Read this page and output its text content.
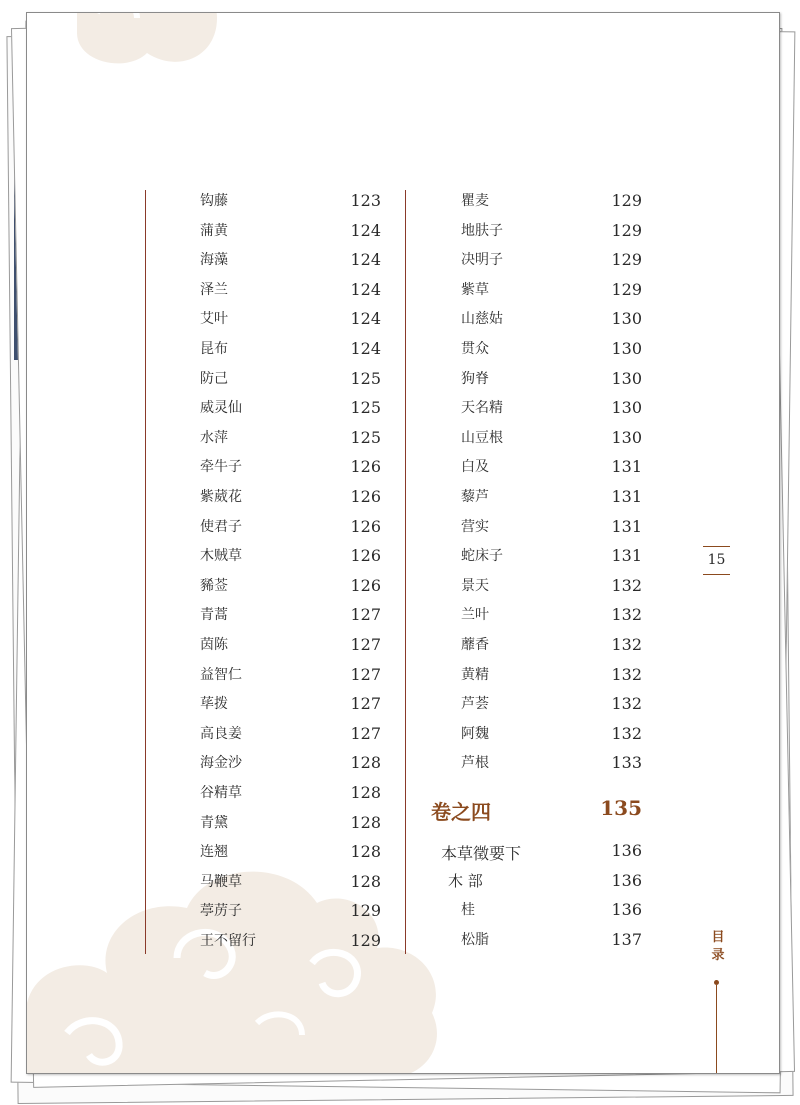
钩藤	123
蒲黄	124
海藻	124
泽兰	124
艾叶	124
昆布	124
防己	125
威灵仙	125
水萍	125
牵牛子	126
紫葳花	126
使君子	126
木贼草	126
豨莶	126
青蒿	127
茵陈	127
益智仁	127
荜拨	127
高良姜	127
海金沙	128
谷精草	128
青黛	128
连翘	128
马鞭草	128
葶苈子	129
王不留行	129
瞿麦	129
地肤子	129
决明子	129
紫草	129
山慈姑	130
贯众	130
狗脊	130
天名精	130
山豆根	130
白及	131
藜芦	131
营实	131
蛇床子	131
景天	132
兰叶	132
蘼香	132
黄精	132
芦荟	132
阿魏	132
芦根	133
卷之四	135
本草徵要下	136
木 部	136
桂	136
松脂	137
15
目
录
